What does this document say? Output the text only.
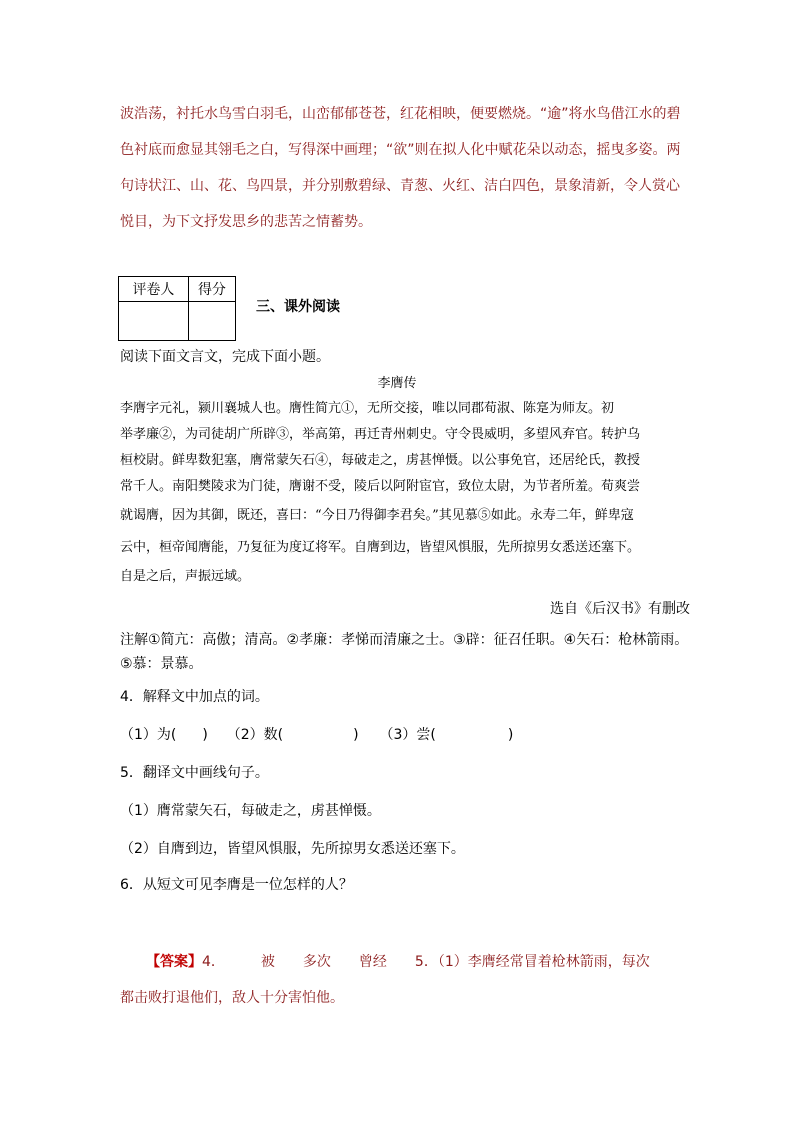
波浩荡，衬托水鸟雪白羽毛，山峦郁郁苍苍，红花相映，便要燃烧。“逾”将水鸟借江水的碧

色衬底而愈显其翎毛之白，写得深中画理；“欲”则在拟人化中赋花朵以动态，摇曳多姿。两

句诗状江、山、花、鸟四景，并分别敷碧绿、青葱、火红、洁白四色，景象清新，令人赏心

悦目，为下文抒发思乡的悲苦之情蓄势。

评卷人	得分

三、课外阅读
阅读下面文言文，完成下面小题。
李膺传

李膺字元礼，颍川襄城人也。膺性简亢①，无所交接，唯以同郡荀淑、陈寔为师友。初

举孝廉②，为司徒胡广所辟③，举高第，再迁青州刺史。守令畏威明，多望风弃官。转护乌

桓校尉。鲜卑数犯塞，膺常蒙矢石④，每破走之，虏甚惮慑。以公事免官，还居纶氏，教授

常千人。南阳樊陵求为门徒，膺谢不受，陵后以阿附宦官，致位太尉，为节者所羞。荀爽尝

就谒膺，因为其御，既还，喜曰：“今日乃得御李君矣。”其见慕⑤如此。永寿二年，鲜卑寇

云中，桓帝闻膺能，乃复征为度辽将军。自膺到边，皆望风惧服，先所掠男女悉送还塞下。

自是之后，声振远域。

选自《后汉书》有删改

注解①简亢：高傲；清高。②孝廉：孝悌而清廉之士。③辟：征召任职。④矢石：枪林箭雨。

⑤慕：景慕。

4．解释文中加点的词。
（1）为( ) （2）数(	) （3）尝(	)
5．翻译文中画线句子。
（1）膺常蒙矢石，每破走之，虏甚惮慑。
（2）自膺到边，皆望风惧服，先所掠男女悉送还塞下。
6．从短文可见李膺是一位怎样的人？

【答案】4．	被 多次 曾经 5．（1）李膺经常冒着枪林箭雨，每次

都击败打退他们，敌人十分害怕他。
